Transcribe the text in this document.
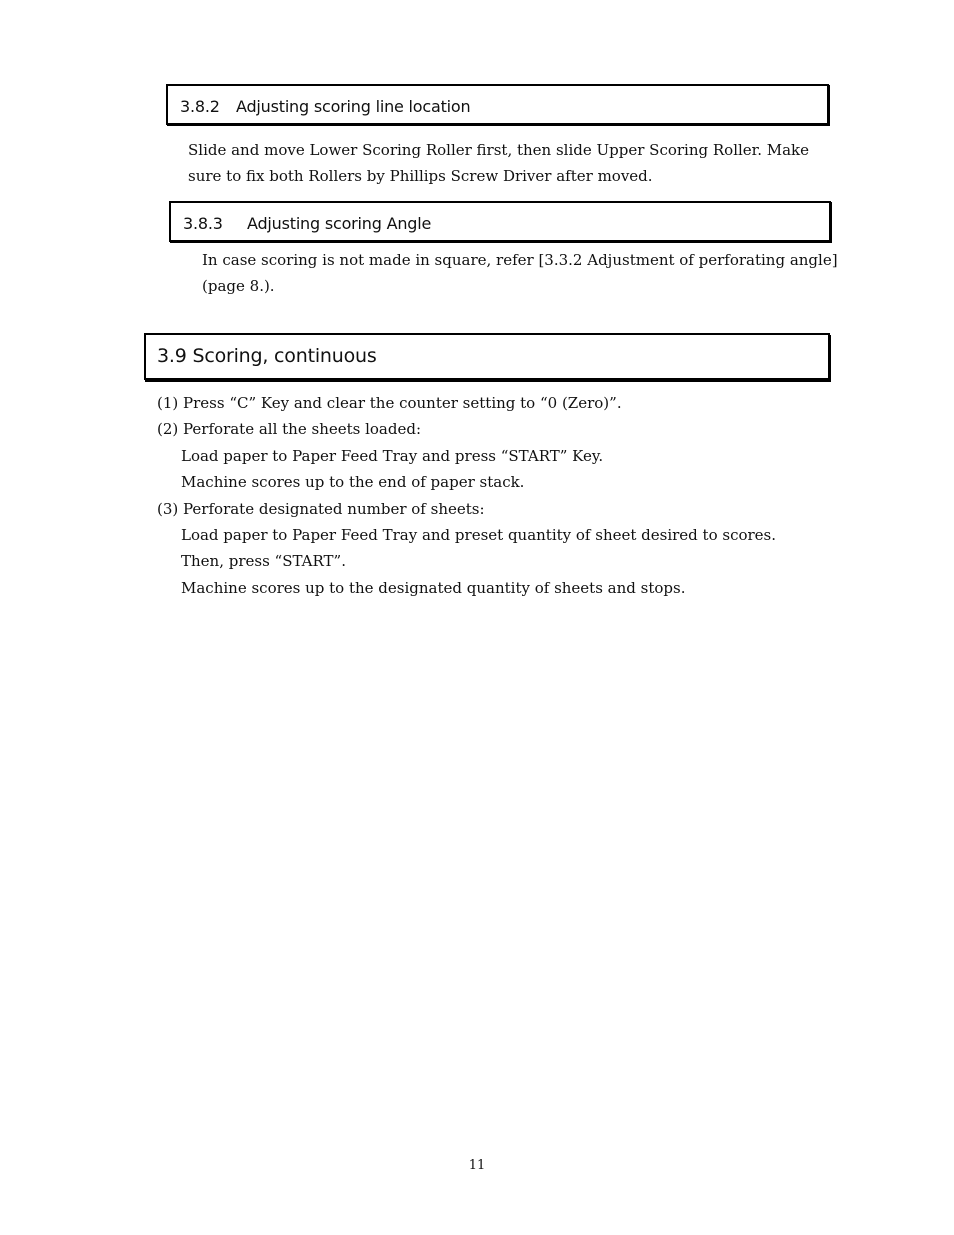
3.8.2 Adjusting scoring line location
Slide and move Lower Scoring Roller first, then slide Upper Scoring Roller. Make
sure to fix both Rollers by Phillips Screw Driver after moved.
3.8.3 Adjusting scoring Angle
In case scoring is not made in square, refer [3.3.2 Adjustment of perforating angle]
(page 8.).
3.9 Scoring, continuous
(1) Press “C” Key and clear the counter setting to “0 (Zero)”.
(2) Perforate all the sheets loaded:
Load paper to Paper Feed Tray and press “START” Key.
Machine scores up to the end of paper stack.
(3) Perforate designated number of sheets:
Load paper to Paper Feed Tray and preset quantity of sheet desired to scores.
Then, press “START”.
Machine scores up to the designated quantity of sheets and stops.
11
